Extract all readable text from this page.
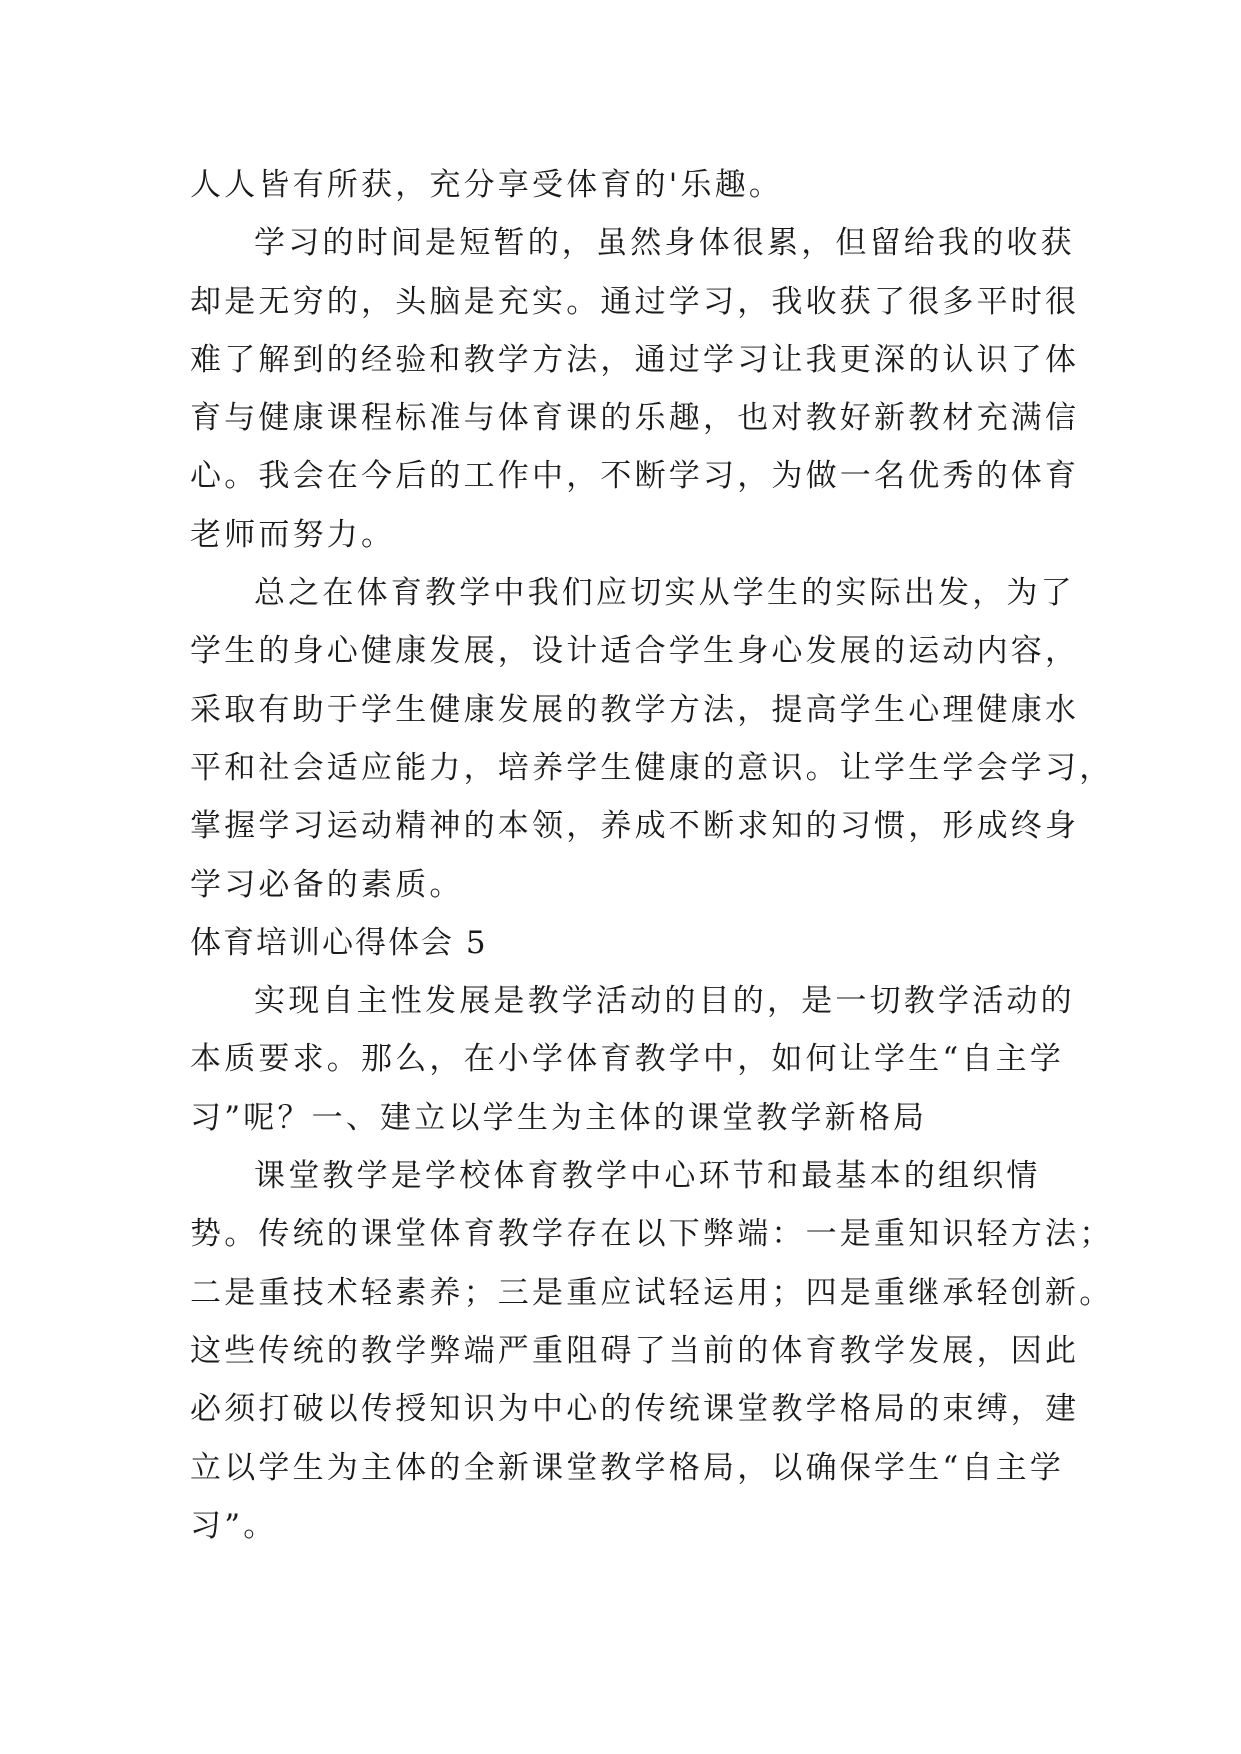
人人皆有所获，充分享受体育的'乐趣。
学习的时间是短暂的，虽然身体很累，但留给我的收获
却是无穷的，头脑是充实。通过学习，我收获了很多平时很
难了解到的经验和教学方法，通过学习让我更深的认识了体
育与健康课程标准与体育课的乐趣，也对教好新教材充满信
心。我会在今后的工作中，不断学习，为做一名优秀的体育
老师而努力。
总之在体育教学中我们应切实从学生的实际出发，为了
学生的身心健康发展，设计适合学生身心发展的运动内容，
采取有助于学生健康发展的教学方法，提高学生心理健康水
平和社会适应能力，培养学生健康的意识。让学生学会学习，
掌握学习运动精神的本领，养成不断求知的习惯，形成终身
学习必备的素质。
体育培训心得体会 5
实现自主性发展是教学活动的目的，是一切教学活动的
本质要求。那么，在小学体育教学中，如何让学生“自主学
习”呢？一、建立以学生为主体的课堂教学新格局
课堂教学是学校体育教学中心环节和最基本的组织情
势。传统的课堂体育教学存在以下弊端：一是重知识轻方法；
二是重技术轻素养；三是重应试轻运用；四是重继承轻创新。
这些传统的教学弊端严重阻碍了当前的体育教学发展，因此
必须打破以传授知识为中心的传统课堂教学格局的束缚，建
立以学生为主体的全新课堂教学格局，以确保学生“自主学
习”。
